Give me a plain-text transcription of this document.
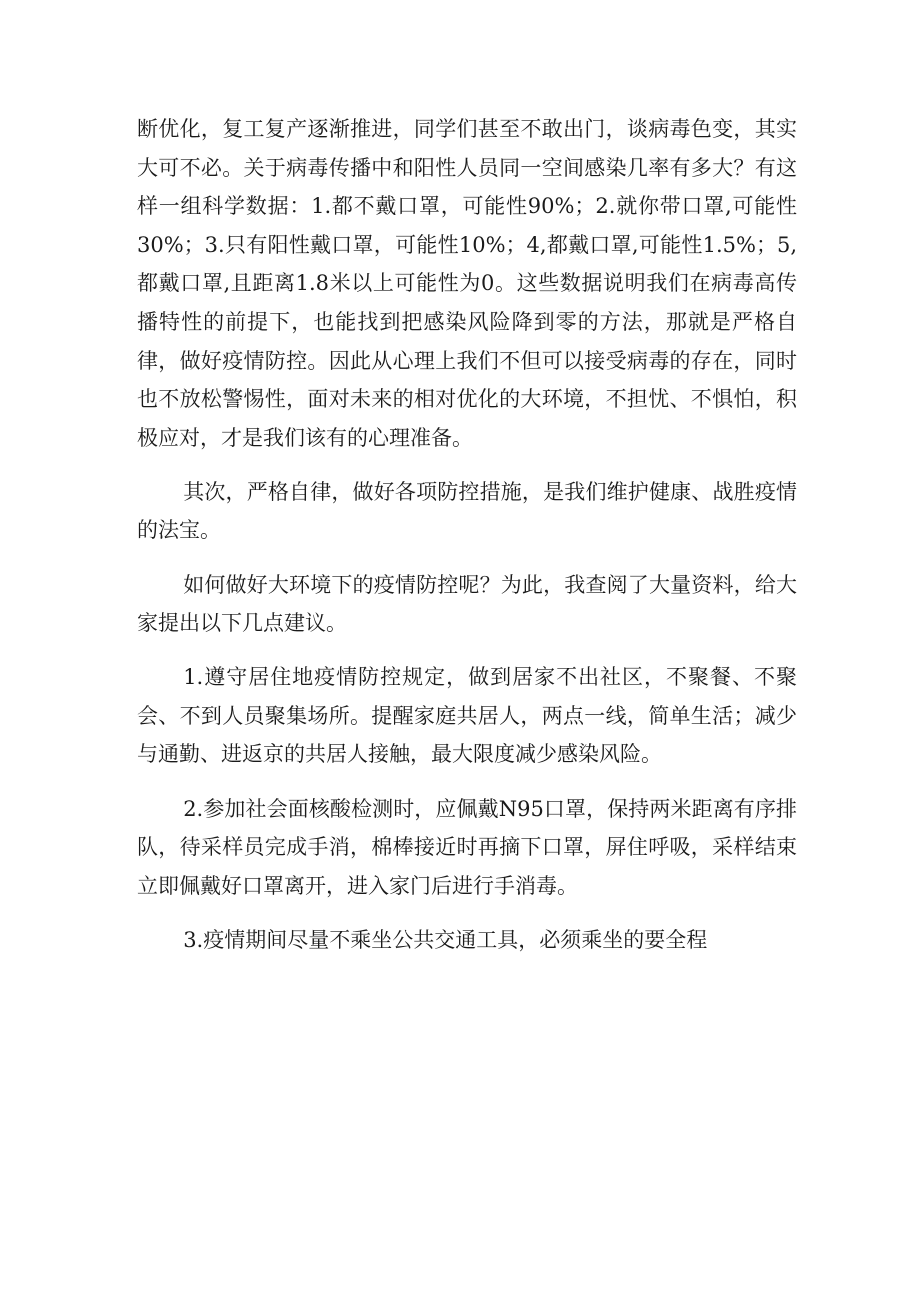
断优化，复工复产逐渐推进，同学们甚至不敢出门，谈病毒色变，其实大可不必。关于病毒传播中和阳性人员同一空间感染几率有多大？有这样一组科学数据：1.都不戴口罩，可能性90%；2.就你带口罩,可能性30%；3.只有阳性戴口罩，可能性10%；4,都戴口罩,可能性1.5%；5,都戴口罩,且距离1.8米以上可能性为0。这些数据说明我们在病毒高传播特性的前提下，也能找到把感染风险降到零的方法，那就是严格自律，做好疫情防控。因此从心理上我们不但可以接受病毒的存在，同时也不放松警惕性，面对未来的相对优化的大环境，不担忧、不惧怕，积极应对，才是我们该有的心理准备。

其次，严格自律，做好各项防控措施，是我们维护健康、战胜疫情的法宝。

如何做好大环境下的疫情防控呢？为此，我查阅了大量资料，给大家提出以下几点建议。

1.遵守居住地疫情防控规定，做到居家不出社区，不聚餐、不聚会、不到人员聚集场所。提醒家庭共居人，两点一线，简单生活；减少与通勤、进返京的共居人接触，最大限度减少感染风险。

2.参加社会面核酸检测时，应佩戴N95口罩，保持两米距离有序排队，待采样员完成手消，棉棒接近时再摘下口罩，屏住呼吸，采样结束立即佩戴好口罩离开，进入家门后进行手消毒。

3.疫情期间尽量不乘坐公共交通工具，必须乘坐的要全程
